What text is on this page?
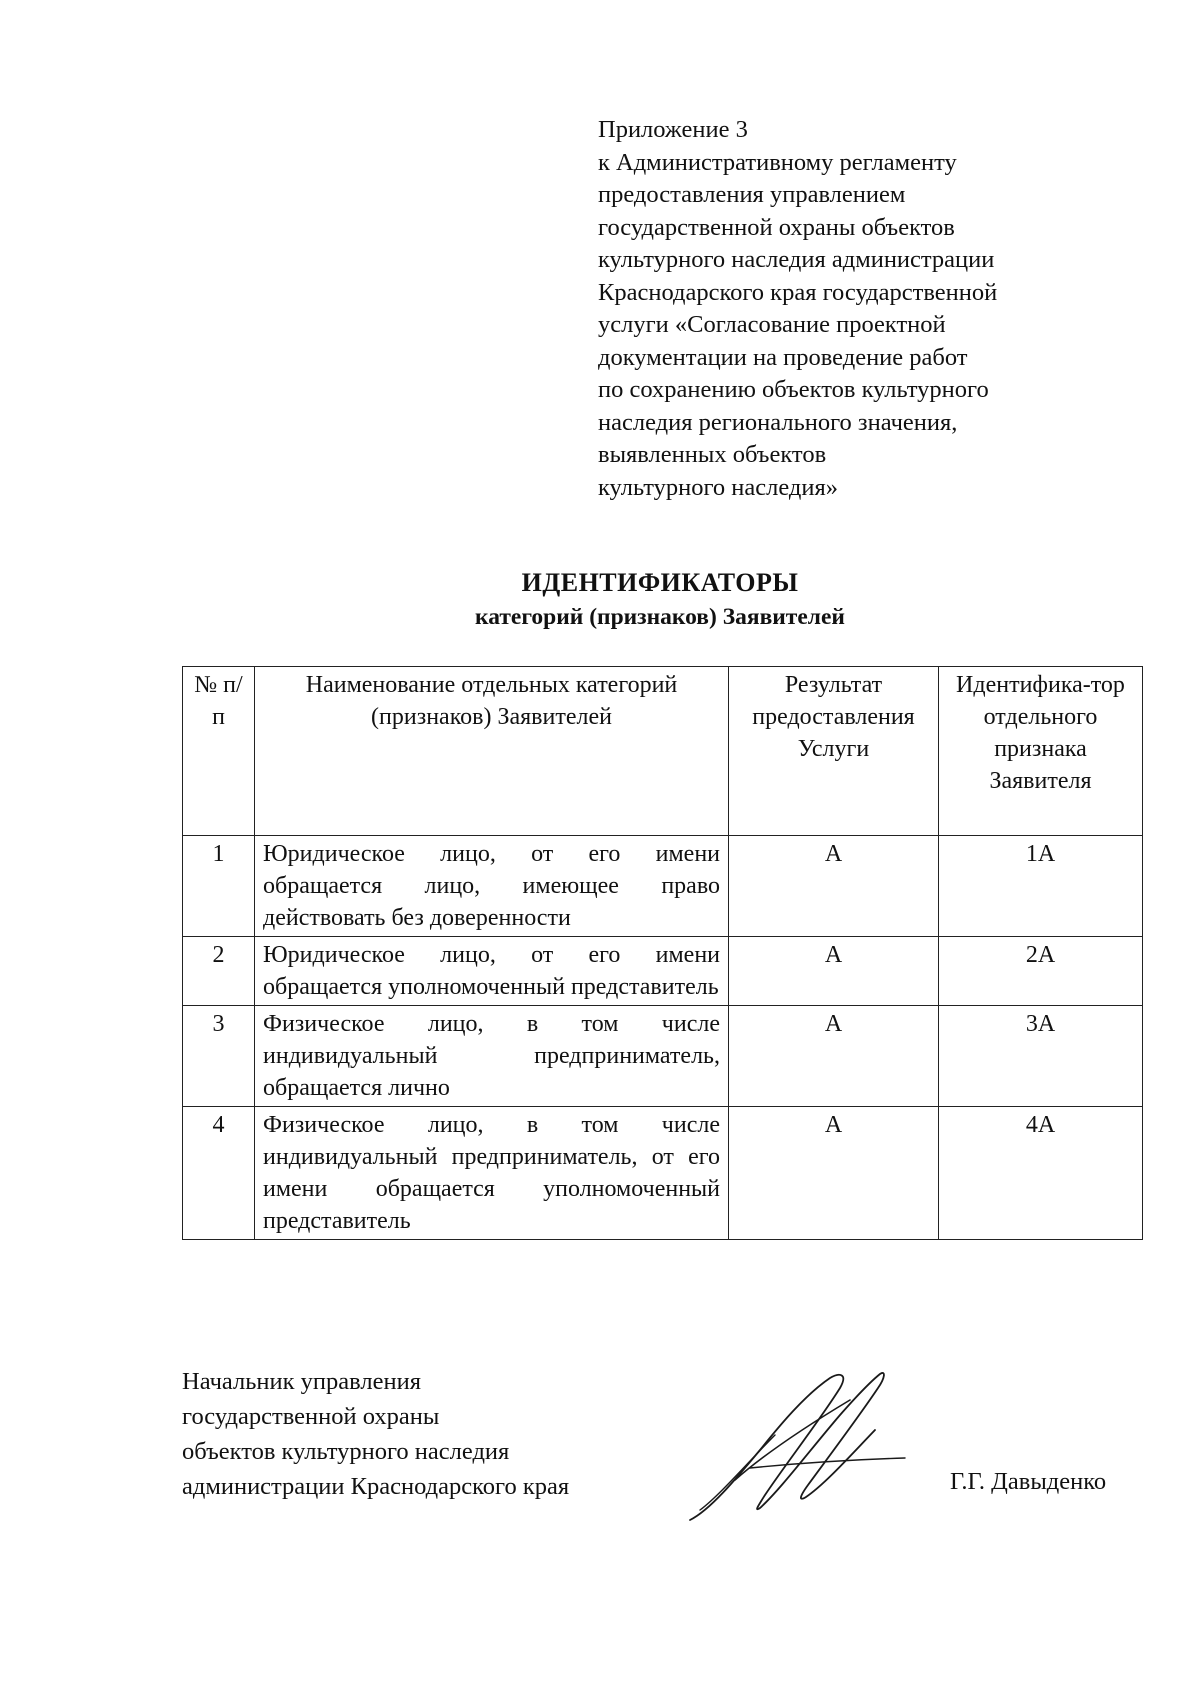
Приложение 3
к Административному регламенту
предоставления управлением
государственной охраны объектов
культурного наследия администрации
Краснодарского края государственной
услуги «Согласование проектной
документации на проведение работ
по сохранению объектов культурного
наследия регионального значения,
выявленных объектов
культурного наследия»
ИДЕНТИФИКАТОРЫ
категорий (признаков) Заявителей
№ п/п	Наименование отдельных категорий (признаков) Заявителей	Результат предоставления Услуги	Идентифика-тор отдельного признака Заявителя
1	Юридическое лицо, от его имени обращается лицо, имеющее право действовать без доверенности	А	1А
2	Юридическое лицо, от его имени обращается уполномоченный представитель	А	2А
3	Физическое лицо, в том числе индивидуальный предприниматель, обращается лично	А	3А
4	Физическое лицо, в том числе индивидуальный предприниматель, от его имени обращается уполномоченный представитель	А	4А
Начальник управления
государственной охраны
объектов культурного наследия
администрации Краснодарского края	Г.Г. Давыденко
